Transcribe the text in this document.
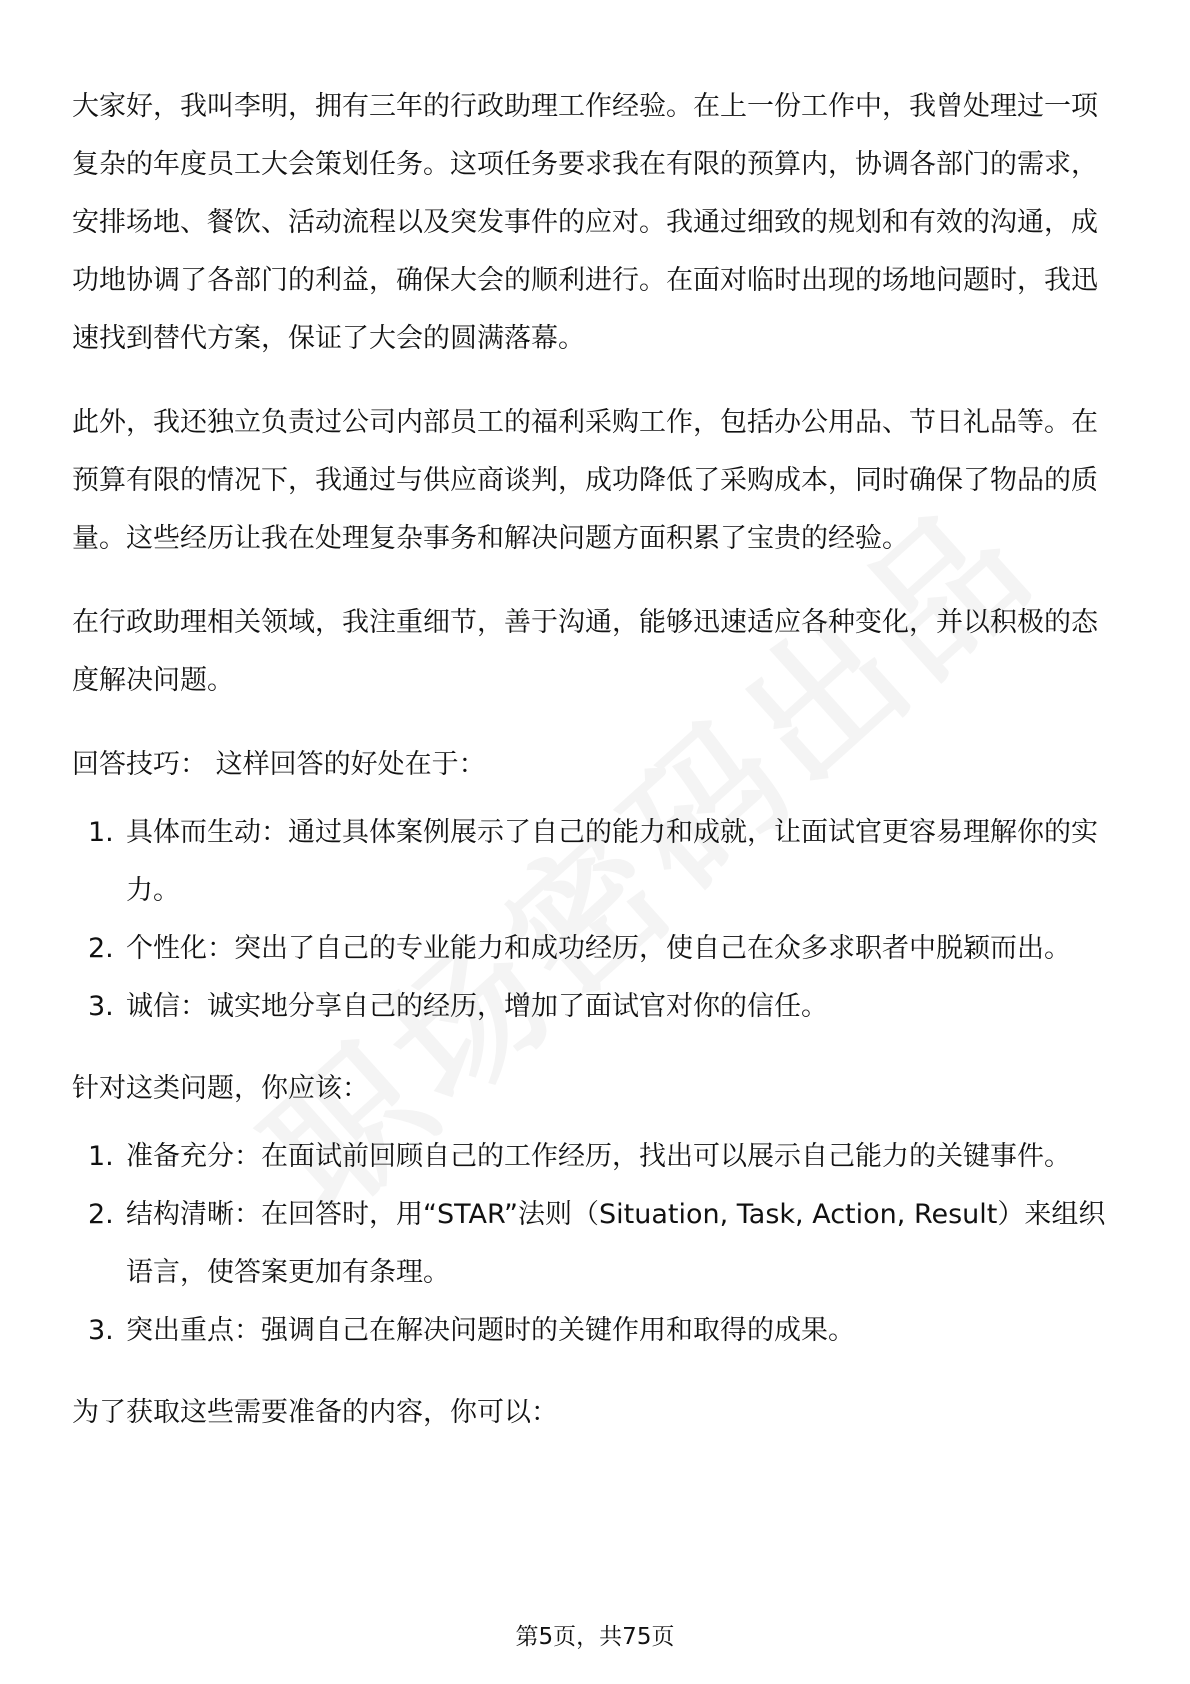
大家好，我叫李明，拥有三年的行政助理工作经验。在上一份工作中，我曾处理过一项复杂的年度员工大会策划任务。这项任务要求我在有限的预算内，协调各部门的需求，安排场地、餐饮、活动流程以及突发事件的应对。我通过细致的规划和有效的沟通，成功地协调了各部门的利益，确保大会的顺利进行。在面对临时出现的场地问题时，我迅速找到替代方案，保证了大会的圆满落幕。

此外，我还独立负责过公司内部员工的福利采购工作，包括办公用品、节日礼品等。在预算有限的情况下，我通过与供应商谈判，成功降低了采购成本，同时确保了物品的质量。这些经历让我在处理复杂事务和解决问题方面积累了宝贵的经验。

在行政助理相关领域，我注重细节，善于沟通，能够迅速适应各种变化，并以积极的态度解决问题。

回答技巧： 这样回答的好处在于：

1. 具体而生动：通过具体案例展示了自己的能力和成就，让面试官更容易理解你的实力。
2. 个性化：突出了自己的专业能力和成功经历，使自己在众多求职者中脱颖而出。
3. 诚信：诚实地分享自己的经历，增加了面试官对你的信任。

针对这类问题，你应该：

1. 准备充分：在面试前回顾自己的工作经历，找出可以展示自己能力的关键事件。
2. 结构清晰：在回答时，用“STAR”法则（Situation, Task, Action, Result）来组织语言，使答案更加有条理。
3. 突出重点：强调自己在解决问题时的关键作用和取得的成果。

为了获取这些需要准备的内容，你可以：

第5页，共75页
